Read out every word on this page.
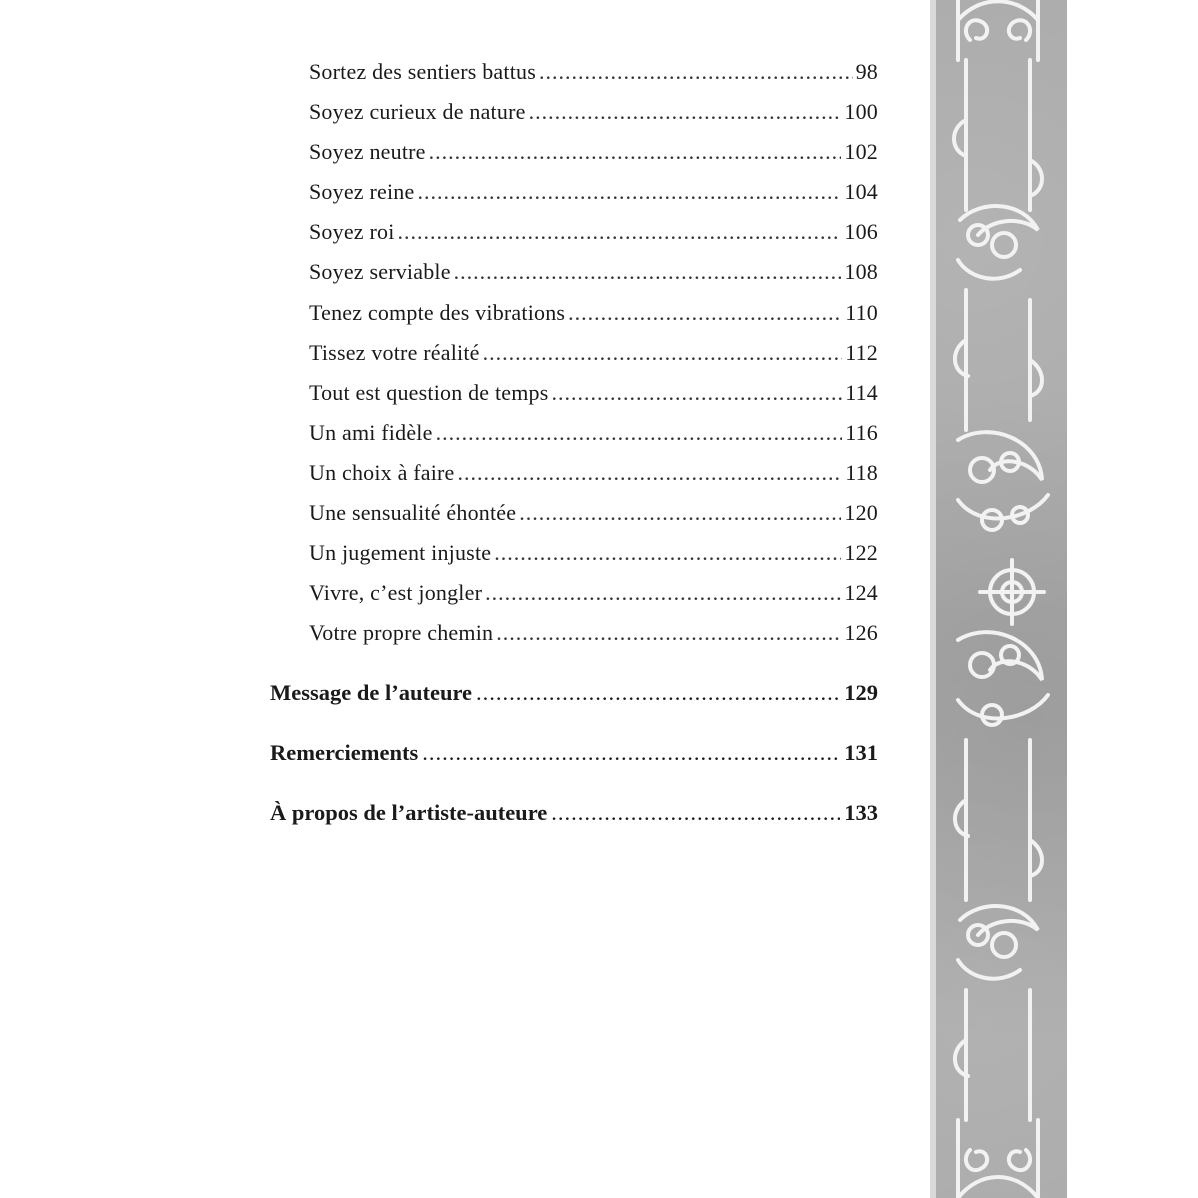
Sortez des sentiers battus .....	98
Soyez curieux de nature .....	100
Soyez neutre .....	102
Soyez reine .....	104
Soyez roi .....	106
Soyez serviable .....	108
Tenez compte des vibrations .....	110
Tissez votre réalité .....	112
Tout est question de temps .....	114
Un ami fidèle .....	116
Un choix à faire .....	118
Une sensualité éhontée .....	120
Un jugement injuste .....	122
Vivre, c’est jongler .....	124
Votre propre chemin .....	126
Message de l’auteure .....	129
Remerciements .....	131
À propos de l’artiste-auteure .....	133
